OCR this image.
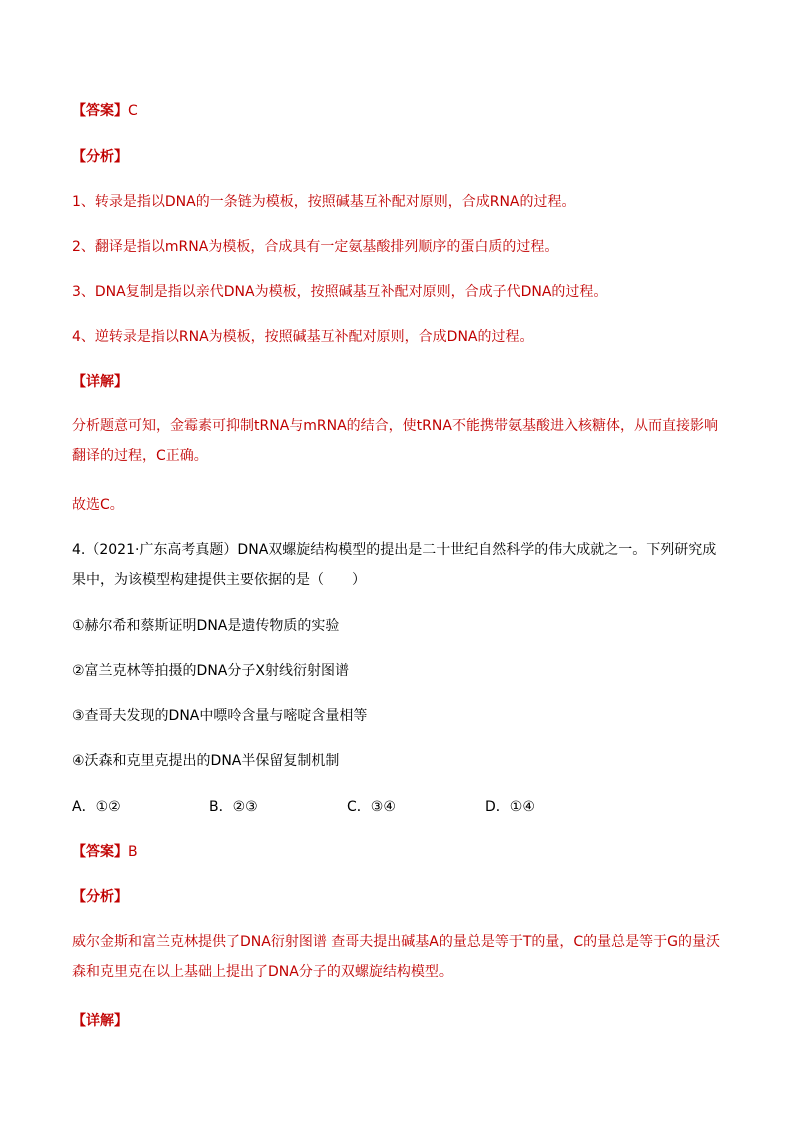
【答案】C
【分析】
1、转录是指以DNA的一条链为模板，按照碱基互补配对原则，合成RNA的过程。
2、翻译是指以mRNA为模板，合成具有一定氨基酸排列顺序的蛋白质的过程。
3、DNA复制是指以亲代DNA为模板，按照碱基互补配对原则，合成子代DNA的过程。
4、逆转录是指以RNA为模板，按照碱基互补配对原则，合成DNA的过程。
【详解】
分析题意可知，金霉素可抑制tRNA与mRNA的结合，使tRNA不能携带氨基酸进入核糖体，从而直接影响翻译的过程，C正确。
故选C。
4.（2021·广东高考真题）DNA双螺旋结构模型的提出是二十世纪自然科学的伟大成就之一。下列研究成果中，为该模型构建提供主要依据的是（　　）
①赫尔希和蔡斯证明DNA是遗传物质的实验
②富兰克林等拍摄的DNA分子X射线衍射图谱
③查哥夫发现的DNA中嘌呤含量与嘧啶含量相等
④沃森和克里克提出的DNA半保留复制机制
A．①②	B．②③	C．③④	D．①④
【答案】B
【分析】
威尔金斯和富兰克林提供了DNA衍射图谱 查哥夫提出碱基A的量总是等于T的量，C的量总是等于G的量沃森和克里克在以上基础上提出了DNA分子的双螺旋结构模型。
【详解】
